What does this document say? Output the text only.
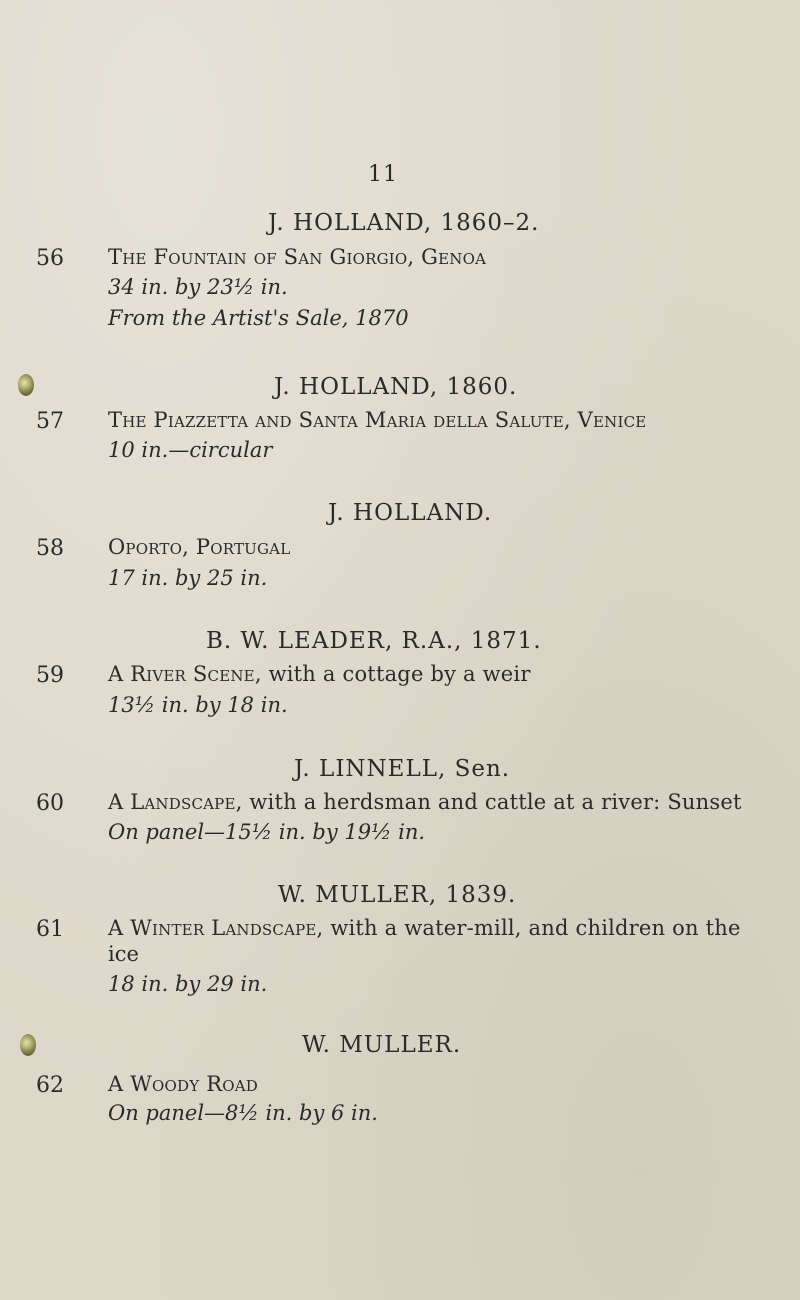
11
J. HOLLAND, 1860–2.
56 The Fountain of San Giorgio, Genoa
34 in. by 23½ in.
From the Artist's Sale, 1870
J. HOLLAND, 1860.
57 The Piazzetta and Santa Maria della Salute, Venice
10 in.—circular
J. HOLLAND.
58 Oporto, Portugal
17 in. by 25 in.
B. W. LEADER, R.A., 1871.
59 A River Scene, with a cottage by a weir
13½ in. by 18 in.
J. LINNELL, Sen.
60 A Landscape, with a herdsman and cattle at a river: Sunset
On panel—15½ in. by 19½ in.
W. MULLER, 1839.
61 A Winter Landscape, with a water-mill, and children on the
ice
18 in. by 29 in.
W. MULLER.
62 A Woody Road
On panel—8½ in. by 6 in.
